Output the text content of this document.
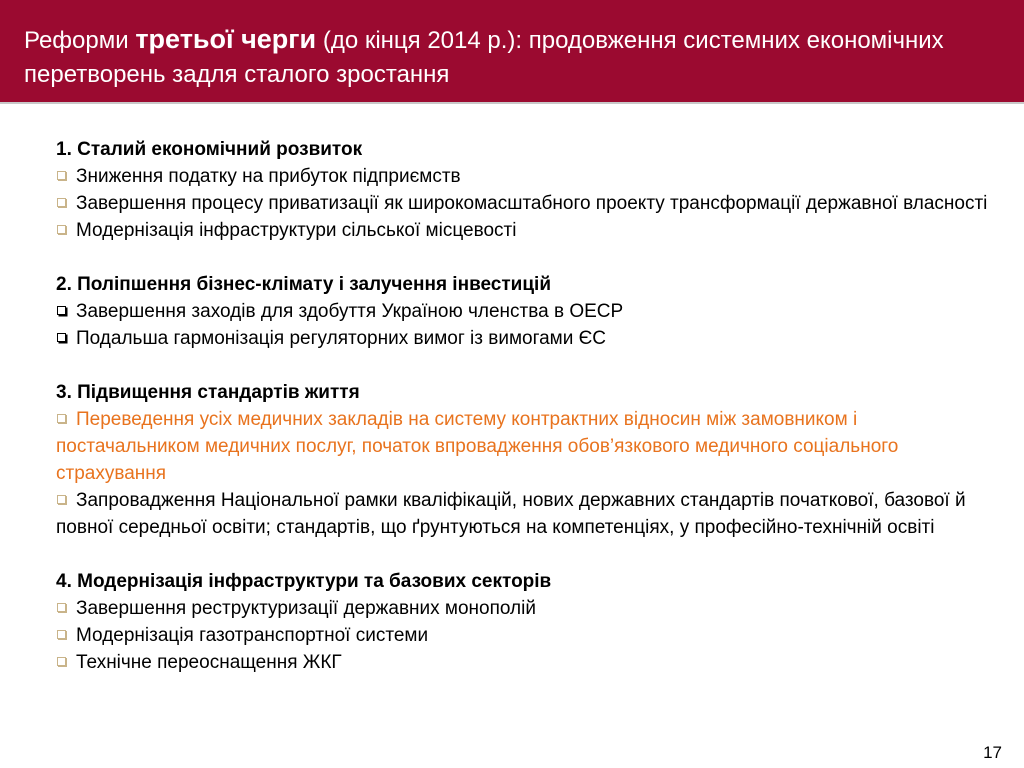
Реформи третьої черги (до кінця 2014 р.): продовження системних економічних перетворень задля сталого зростання

1. Сталий економічний розвиток

Зниження податку на прибуток підприємств

Завершення процесу приватизації як широкомасштабного проекту трансформації державної власності

Модернізація інфраструктури сільської місцевості

2. Поліпшення бізнес-клімату і залучення інвестицій

Завершення заходів для здобуття Україною членства в ОЕСР

Подальша гармонізація регуляторних вимог із вимогами ЄС

3. Підвищення стандартів життя

Переведення усіх медичних закладів на систему контрактних відносин між замовником і постачальником медичних послуг, початок впровадження обов’язкового медичного соціального страхування

Запровадження Національної рамки кваліфікацій, нових державних стандартів початкової, базової й повної середньої освіти; стандартів, що ґрунтуються на компетенціях, у професійно-технічній освіті

4. Модернізація інфраструктури та базових секторів

Завершення реструктуризації державних монополій

Модернізація газотранспортної системи

Технічне переоснащення ЖКГ

17
